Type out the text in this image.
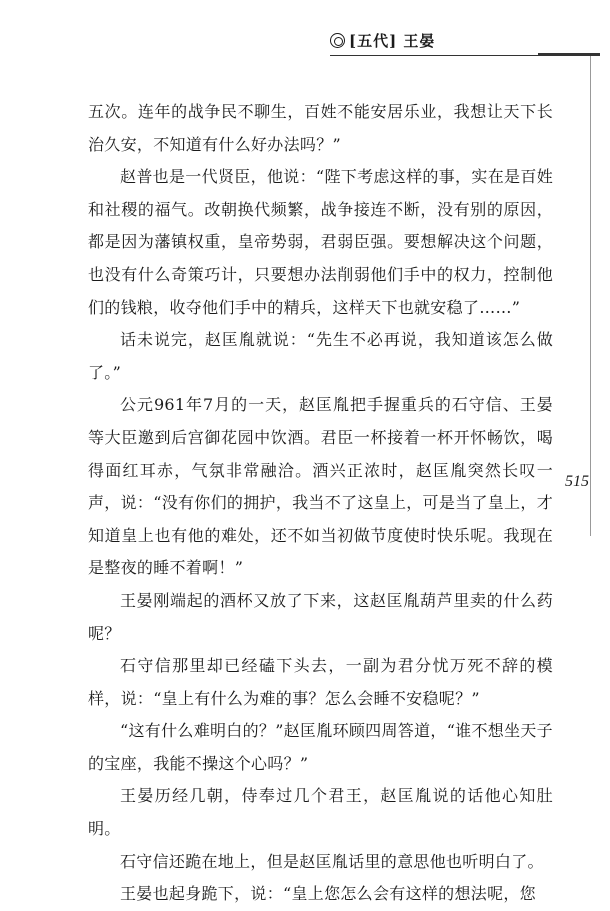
[五代] 王晏
515

五次。连年的战争民不聊生，百姓不能安居乐业，我想让天下长治久安，不知道有什么好办法吗？”

赵普也是一代贤臣，他说：“陛下考虑这样的事，实在是百姓和社稷的福气。改朝换代频繁，战争接连不断，没有别的原因，都是因为藩镇权重，皇帝势弱，君弱臣强。要想解决这个问题，也没有什么奇策巧计，只要想办法削弱他们手中的权力，控制他们的钱粮，收夺他们手中的精兵，这样天下也就安稳了……”

话未说完，赵匡胤就说：“先生不必再说，我知道该怎么做了。”

公元961年7月的一天，赵匡胤把手握重兵的石守信、王晏等大臣邀到后宫御花园中饮酒。君臣一杯接着一杯开怀畅饮，喝得面红耳赤，气氛非常融洽。酒兴正浓时，赵匡胤突然长叹一声，说：“没有你们的拥护，我当不了这皇上，可是当了皇上，才知道皇上也有他的难处，还不如当初做节度使时快乐呢。我现在是整夜的睡不着啊！”

王晏刚端起的酒杯又放了下来，这赵匡胤葫芦里卖的什么药呢？

石守信那里却已经磕下头去，一副为君分忧万死不辞的模样，说：“皇上有什么为难的事？怎么会睡不安稳呢？”

“这有什么难明白的？”赵匡胤环顾四周答道，“谁不想坐天子的宝座，我能不操这个心吗？”

王晏历经几朝，侍奉过几个君王，赵匡胤说的话他心知肚明。

石守信还跪在地上，但是赵匡胤话里的意思他也听明白了。

王晏也起身跪下，说：“皇上您怎么会有这样的想法呢，您
